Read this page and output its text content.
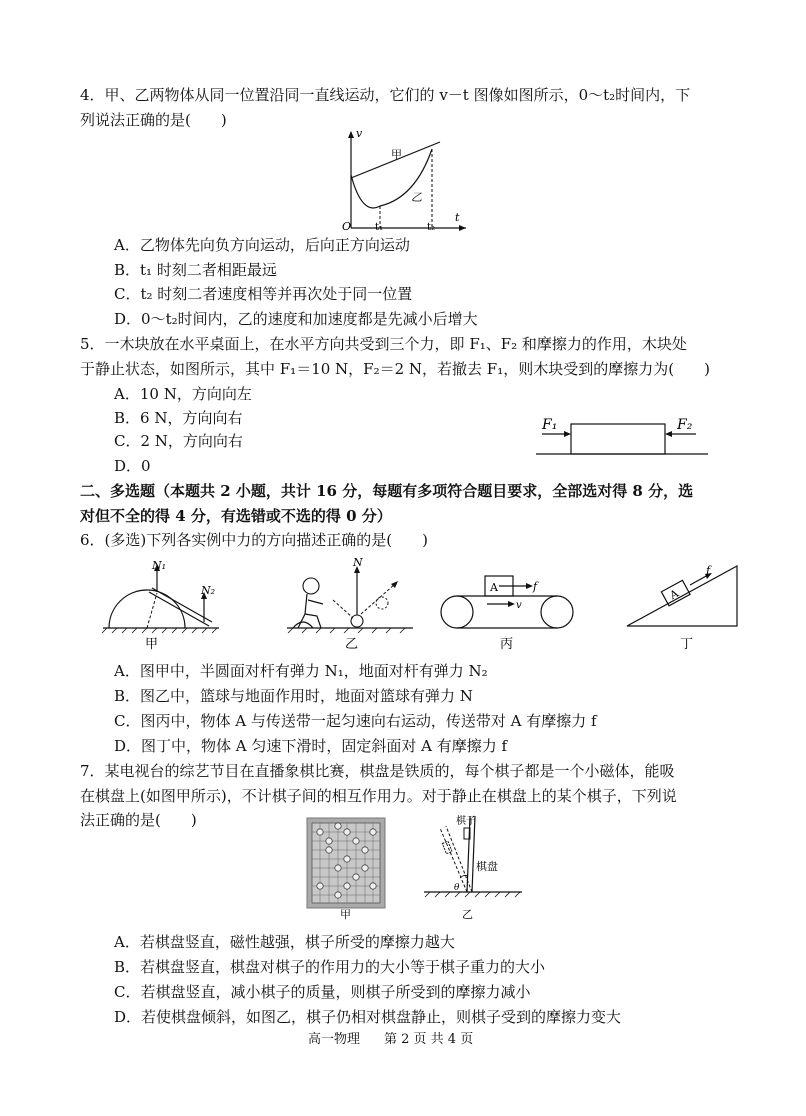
4．甲、乙两物体从同一位置沿同一直线运动，它们的 v－t 图像如图所示，0～t₂时间内，下
列说法正确的是(　　)
v
O t₁	t₂
t
甲
乙
A．乙物体先向负方向运动，后向正方向运动
B．t₁ 时刻二者相距最远
C．t₂ 时刻二者速度相等并再次处于同一位置
D．0～t₂时间内，乙的速度和加速度都是先减小后增大
5．一木块放在水平桌面上，在水平方向共受到三个力，即 F₁、F₂ 和摩擦力的作用，木块处
于静止状态，如图所示，其中 F₁＝10 N，F₂＝2 N，若撤去 F₁，则木块受到的摩擦力为(　　)
A．10 N，方向向左
B．6 N，方向向右
C．2 N，方向向右
D．0
F₁	F₂
二、多选题（本题共 2 小题，共计 16 分，每题有多项符合题目要求，全部选对得 8 分，选
对但不全的得 4 分，有选错或不选的得 0 分）
6．(多选)下列各实例中力的方向描述正确的是(　　)
N₁
N₂
甲
N
乙
A	f
v
丙
A
f
丁
A．图甲中，半圆面对杆有弹力 N₁，地面对杆有弹力 N₂
B．图乙中，篮球与地面作用时，地面对篮球有弹力 N
C．图丙中，物体 A 与传送带一起匀速向右运动，传送带对 A 有摩擦力 f
D．图丁中，物体 A 匀速下滑时，固定斜面对 A 有摩擦力 f
7．某电视台的综艺节目在直播象棋比赛，棋盘是铁质的，每个棋子都是一个小磁体，能吸
在棋盘上(如图甲所示)，不计棋子间的相互作用力。对于静止在棋盘上的某个棋子，下列说
法正确的是(　　)
甲
棋子
棋盘
θ
乙
A．若棋盘竖直，磁性越强，棋子所受的摩擦力越大
B．若棋盘竖直，棋盘对棋子的作用力的大小等于棋子重力的大小
C．若棋盘竖直，减小棋子的质量，则棋子所受到的摩擦力减小
D．若使棋盘倾斜，如图乙，棋子仍相对棋盘静止，则棋子受到的摩擦力变大
高一物理 第 2 页 共 4 页
